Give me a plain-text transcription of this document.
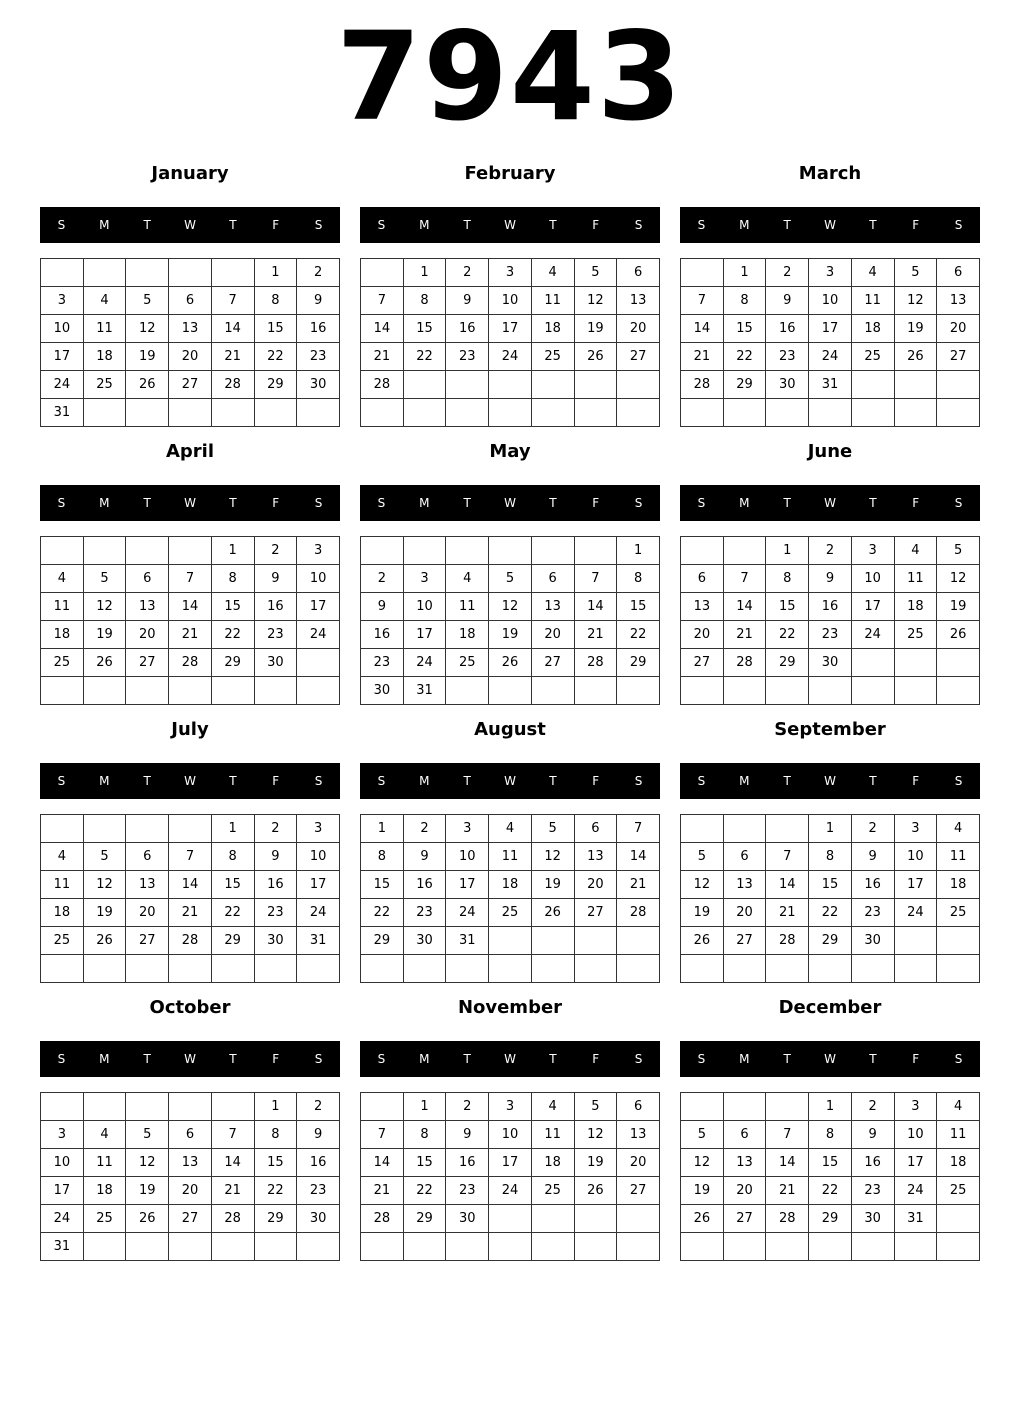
7943
January
S	M	T	W	T	F	S
					1	2
3	4	5	6	7	8	9
10	11	12	13	14	15	16
17	18	19	20	21	22	23
24	25	26	27	28	29	30
31						
February
S	M	T	W	T	F	S
	1	2	3	4	5	6
7	8	9	10	11	12	13
14	15	16	17	18	19	20
21	22	23	24	25	26	27
28						

March
S	M	T	W	T	F	S
	1	2	3	4	5	6
7	8	9	10	11	12	13
14	15	16	17	18	19	20
21	22	23	24	25	26	27
28	29	30	31			

April
S	M	T	W	T	F	S
				1	2	3
4	5	6	7	8	9	10
11	12	13	14	15	16	17
18	19	20	21	22	23	24
25	26	27	28	29	30	

May
S	M	T	W	T	F	S
						1
2	3	4	5	6	7	8
9	10	11	12	13	14	15
16	17	18	19	20	21	22
23	24	25	26	27	28	29
30	31					
June
S	M	T	W	T	F	S
		1	2	3	4	5
6	7	8	9	10	11	12
13	14	15	16	17	18	19
20	21	22	23	24	25	26
27	28	29	30			

July
S	M	T	W	T	F	S
				1	2	3
4	5	6	7	8	9	10
11	12	13	14	15	16	17
18	19	20	21	22	23	24
25	26	27	28	29	30	31

August
S	M	T	W	T	F	S
1	2	3	4	5	6	7
8	9	10	11	12	13	14
15	16	17	18	19	20	21
22	23	24	25	26	27	28
29	30	31				

September
S	M	T	W	T	F	S
			1	2	3	4
5	6	7	8	9	10	11
12	13	14	15	16	17	18
19	20	21	22	23	24	25
26	27	28	29	30		

October
S	M	T	W	T	F	S
					1	2
3	4	5	6	7	8	9
10	11	12	13	14	15	16
17	18	19	20	21	22	23
24	25	26	27	28	29	30
31						
November
S	M	T	W	T	F	S
	1	2	3	4	5	6
7	8	9	10	11	12	13
14	15	16	17	18	19	20
21	22	23	24	25	26	27
28	29	30				

December
S	M	T	W	T	F	S
			1	2	3	4
5	6	7	8	9	10	11
12	13	14	15	16	17	18
19	20	21	22	23	24	25
26	27	28	29	30	31	
